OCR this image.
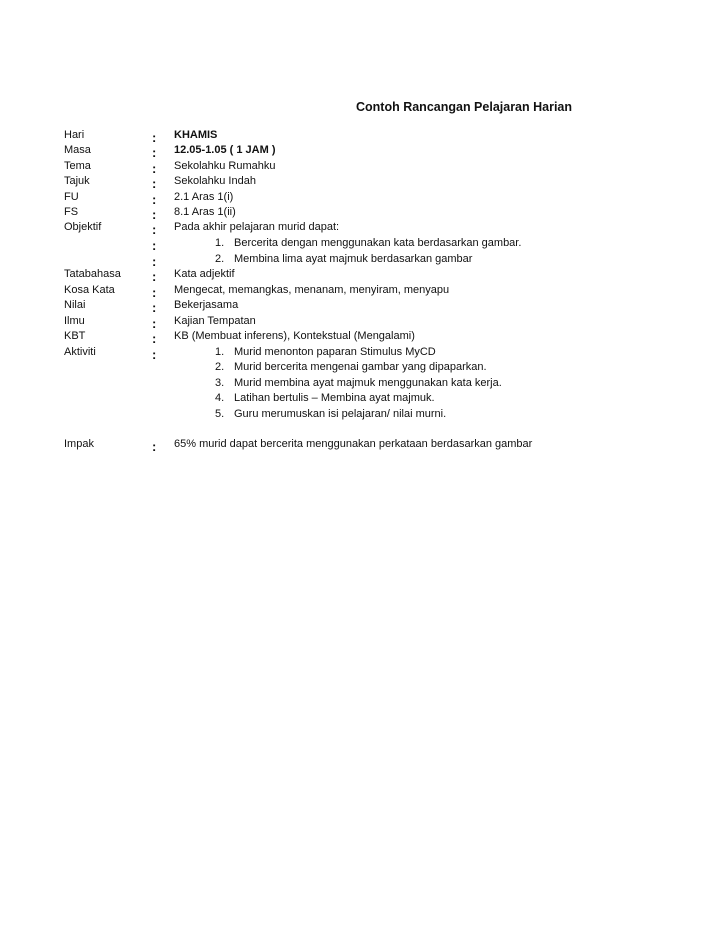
Contoh Rancangan Pelajaran Harian
Hari	: KHAMIS
Masa	: 12.05-1.05 ( 1 JAM )
Tema	: Sekolahku Rumahku
Tajuk	: Sekolahku Indah
FU	: 2.1 Aras 1(i)
FS	: 8.1 Aras 1(ii)
Objektif	: Pada akhir pelajaran murid dapat:
:	1. Bercerita dengan menggunakan kata berdasarkan gambar.
:	2. Membina lima ayat majmuk berdasarkan gambar
Tatabahasa : Kata adjektif
Kosa Kata	: Mengecat, memangkas, menanam, menyiram, menyapu
Nilai	: Bekerjasama
Ilmu	: Kajian Tempatan
KBT	: KB (Membuat inferens), Kontekstual (Mengalami)
Aktiviti	:	1. Murid menonton paparan Stimulus MyCD
2. Murid bercerita mengenai gambar yang dipaparkan.
3. Murid membina ayat majmuk menggunakan kata kerja.
4. Latihan bertulis – Membina ayat majmuk.
5. Guru merumuskan isi pelajaran/ nilai murni.
Impak	: 65% murid dapat bercerita menggunakan perkataan berdasarkan gambar
